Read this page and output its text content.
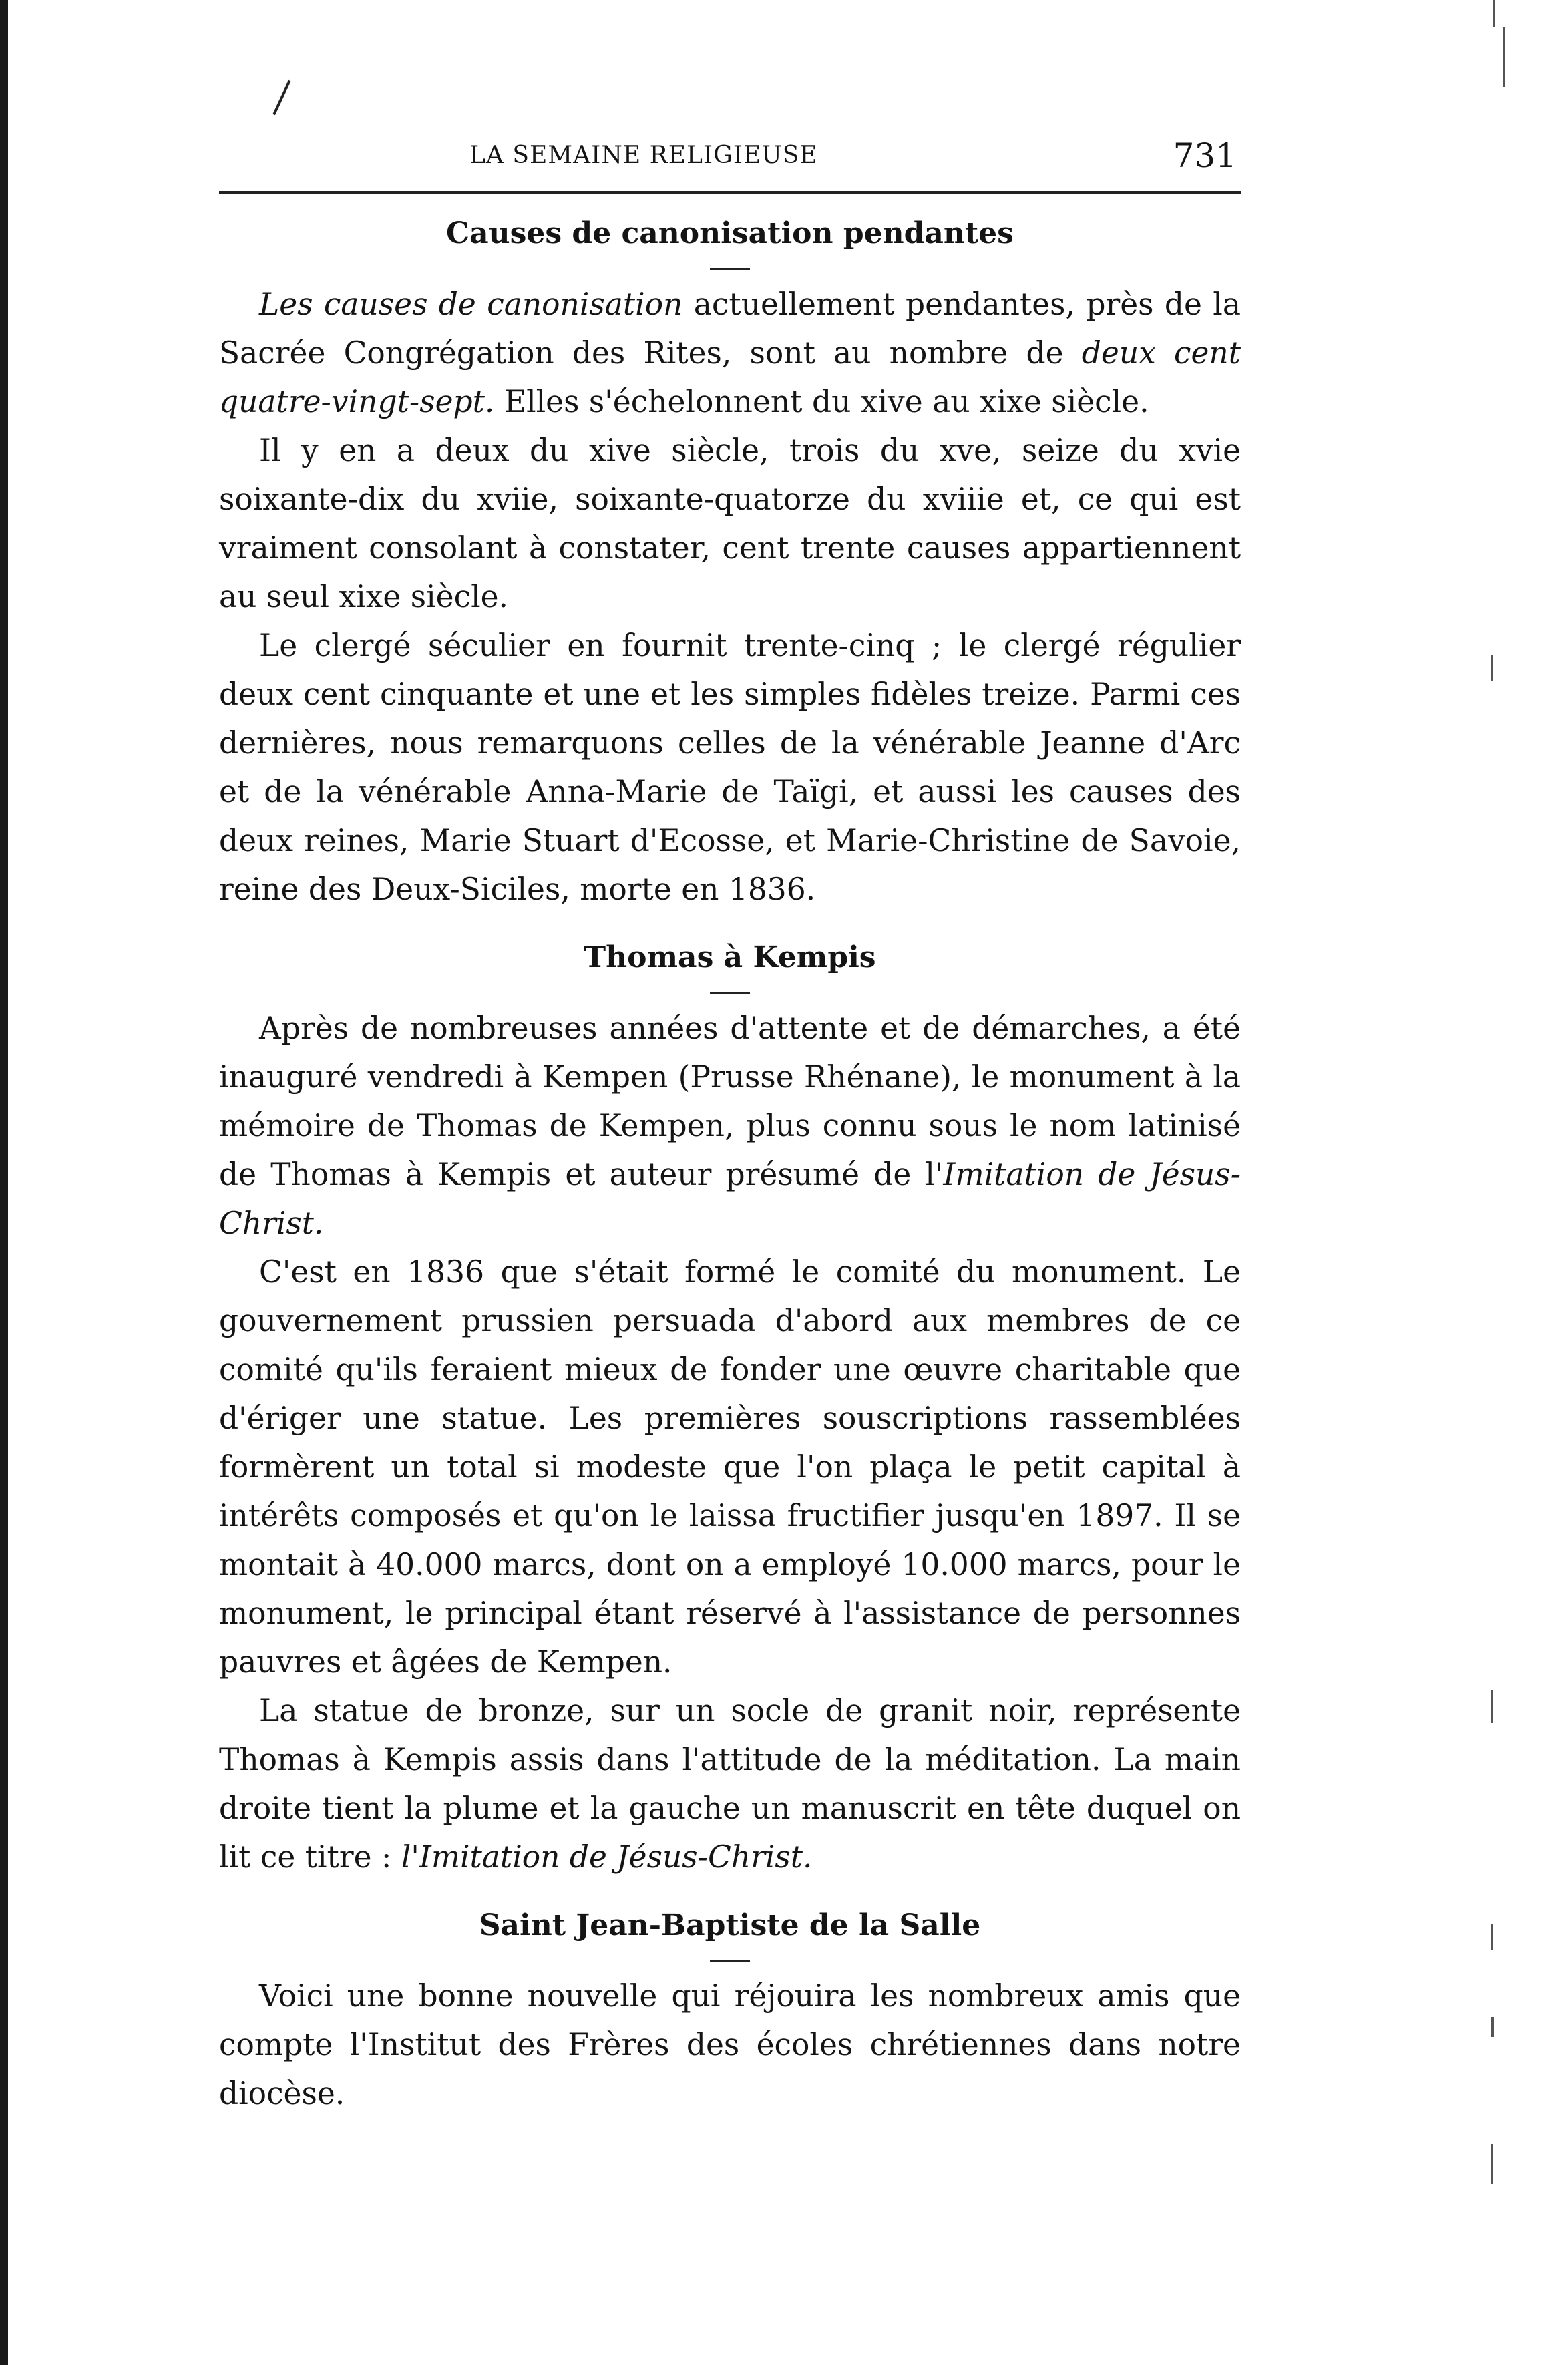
LA SEMAINE RELIGIEUSE	731
Causes de canonisation pendantes

Les causes de canonisation actuellement pendantes, près de la Sacrée Congrégation des Rites, sont au nombre de deux cent quatre-vingt-sept. Elles s'échelonnent du xive au xixe siècle.

Il y en a deux du xive siècle, trois du xve, seize du xvie soixante-dix du xviie, soixante-quatorze du xviiie et, ce qui est vraiment consolant à constater, cent trente causes appartiennent au seul xixe siècle.

Le clergé séculier en fournit trente-cinq ; le clergé régulier deux cent cinquante et une et les simples fidèles treize. Parmi ces dernières, nous remarquons celles de la vénérable Jeanne d'Arc et de la vénérable Anna-Marie de Taïgi, et aussi les causes des deux reines, Marie Stuart d'Ecosse, et Marie-Christine de Savoie, reine des Deux-Siciles, morte en 1836.

Thomas à Kempis

Après de nombreuses années d'attente et de démarches, a été inauguré vendredi à Kempen (Prusse Rhénane), le monument à la mémoire de Thomas de Kempen, plus connu sous le nom latinisé de Thomas à Kempis et auteur présumé de l'Imitation de Jésus-Christ.

C'est en 1836 que s'était formé le comité du monument. Le gouvernement prussien persuada d'abord aux membres de ce comité qu'ils feraient mieux de fonder une œuvre charitable que d'ériger une statue. Les premières souscriptions rassemblées formèrent un total si modeste que l'on plaça le petit capital à intérêts composés et qu'on le laissa fructifier jusqu'en 1897. Il se montait à 40.000 marcs, dont on a employé 10.000 marcs, pour le monument, le principal étant réservé à l'assistance de personnes pauvres et âgées de Kempen.

La statue de bronze, sur un socle de granit noir, représente Thomas à Kempis assis dans l'attitude de la méditation. La main droite tient la plume et la gauche un manuscrit en tête duquel on lit ce titre : l'Imitation de Jésus-Christ.

Saint Jean-Baptiste de la Salle

Voici une bonne nouvelle qui réjouira les nombreux amis que compte l'Institut des Frères des écoles chrétiennes dans notre diocèse.
